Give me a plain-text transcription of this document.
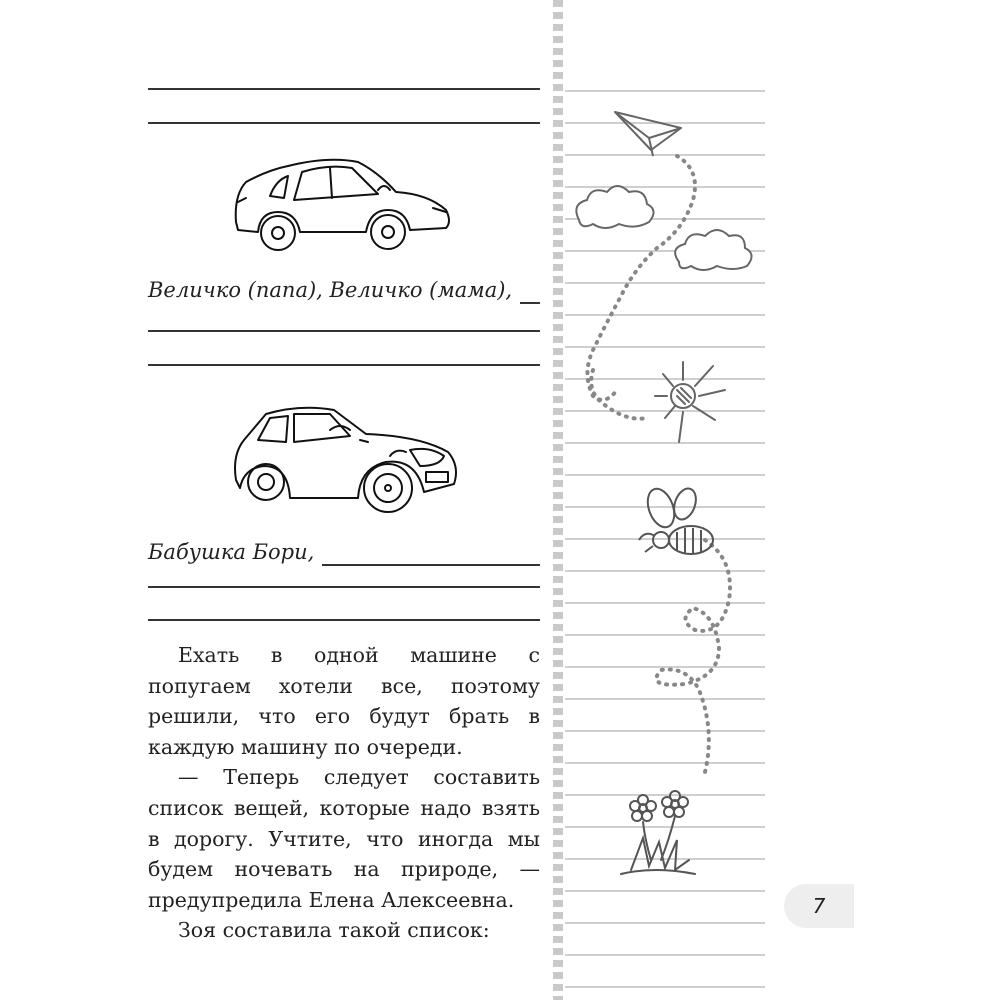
Величко (папа), Величко (мама),
Бабушка Бори,

Ехать в одной машине с попугаем хотели все, поэтому решили, что его будут брать в каждую машину по очереди.

— Теперь следует составить список вещей, которые надо взять в дорогу. Учтите, что иногда мы будем ночевать на природе, — предупредила Елена Алексеевна.

Зоя составила такой список:

7
